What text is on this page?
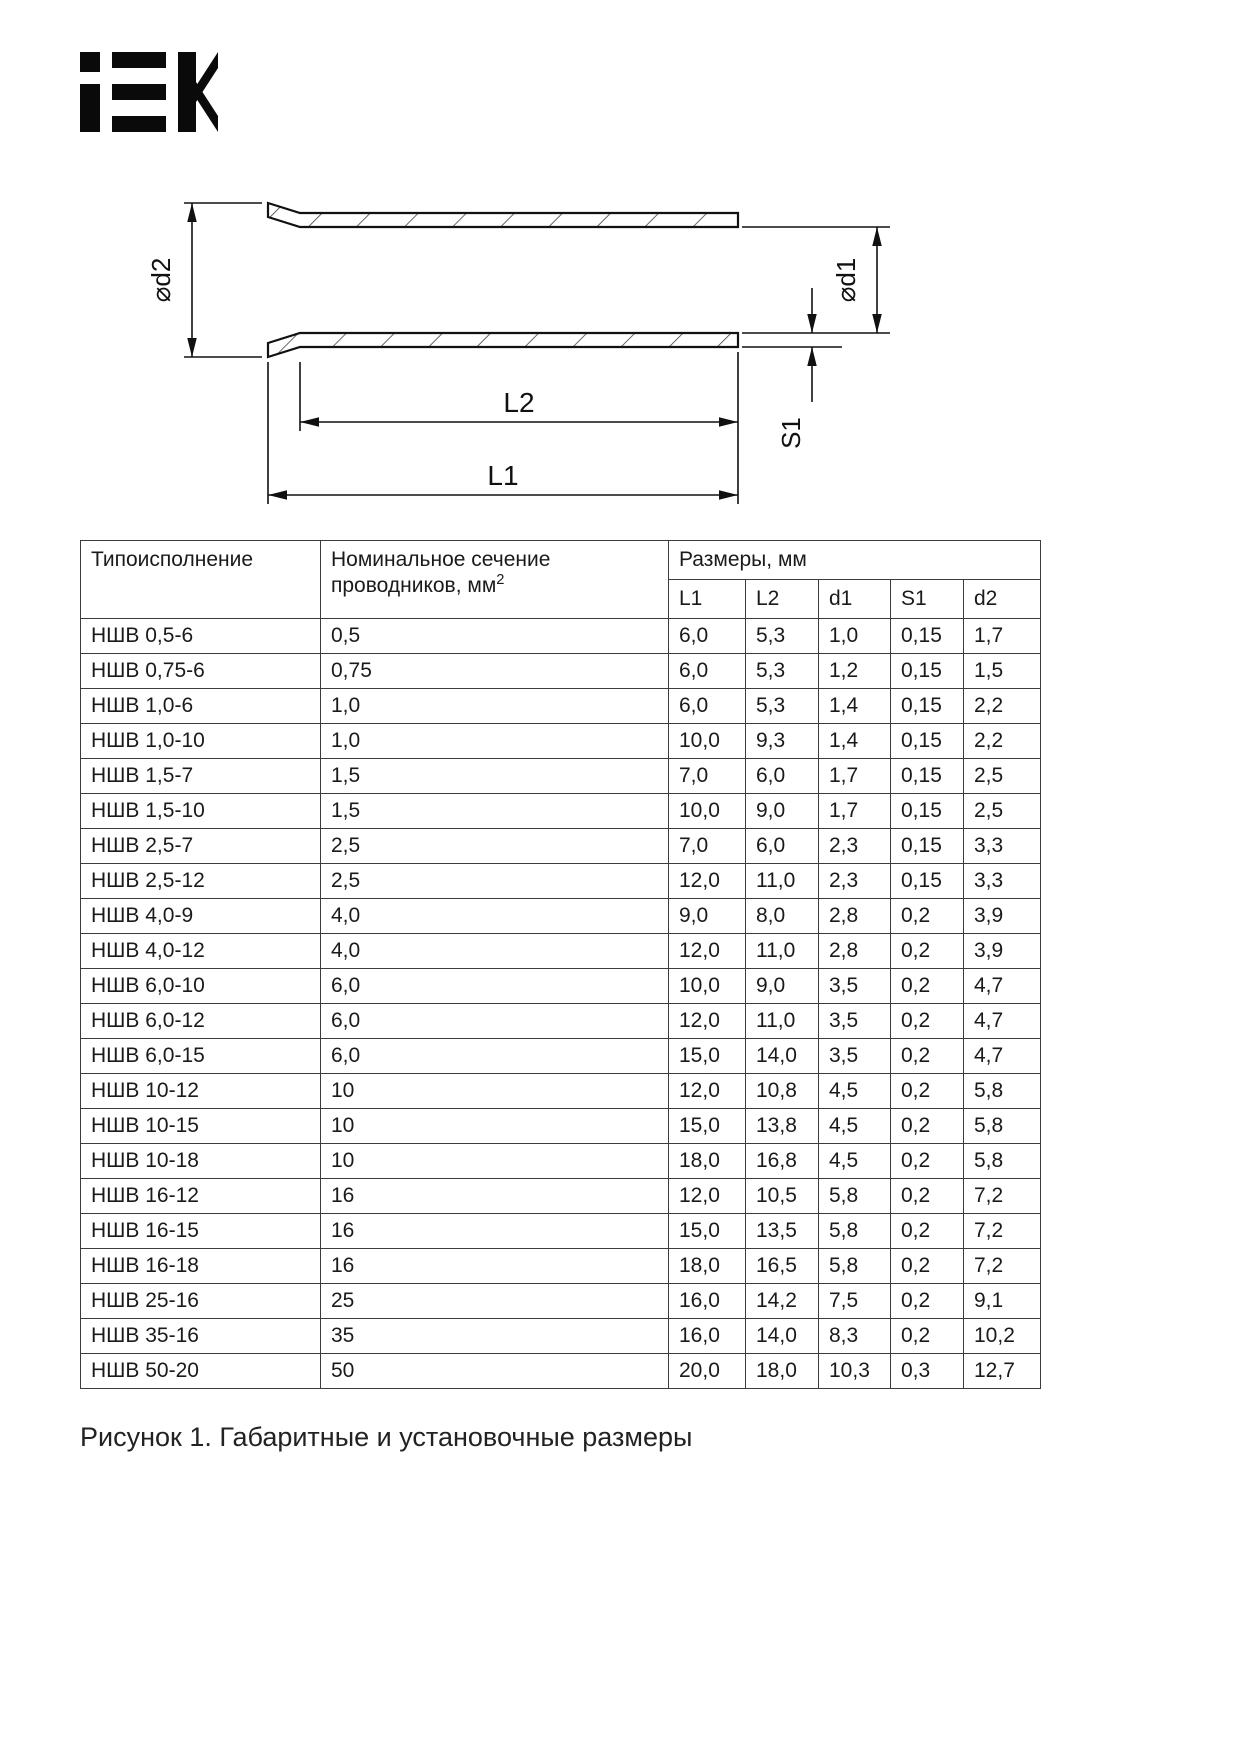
⌀d2	⌀d1
S1
L2
L1
Типоисполнение	Номинальное сечение проводников, $мм^2$	Размеры, мм				
		L1	L2	d1	S1	d2
НШВ 0,5-6	0,5	6,0	5,3	1,0	0,15	1,7
НШВ 0,75-6	0,75	6,0	5,3	1,2	0,15	1,5
НШВ 1,0-6	1,0	6,0	5,3	1,4	0,15	2,2
НШВ 1,0-10	1,0	10,0	9,3	1,4	0,15	2,2
НШВ 1,5-7	1,5	7,0	6,0	1,7	0,15	2,5
НШВ 1,5-10	1,5	10,0	9,0	1,7	0,15	2,5
НШВ 2,5-7	2,5	7,0	6,0	2,3	0,15	3,3
НШВ 2,5-12	2,5	12,0	11,0	2,3	0,15	3,3
НШВ 4,0-9	4,0	9,0	8,0	2,8	0,2	3,9
НШВ 4,0-12	4,0	12,0	11,0	2,8	0,2	3,9
НШВ 6,0-10	6,0	10,0	9,0	3,5	0,2	4,7
НШВ 6,0-12	6,0	12,0	11,0	3,5	0,2	4,7
НШВ 6,0-15	6,0	15,0	14,0	3,5	0,2	4,7
НШВ 10-12	10	12,0	10,8	4,5	0,2	5,8
НШВ 10-15	10	15,0	13,8	4,5	0,2	5,8
НШВ 10-18	10	18,0	16,8	4,5	0,2	5,8
НШВ 16-12	16	12,0	10,5	5,8	0,2	7,2
НШВ 16-15	16	15,0	13,5	5,8	0,2	7,2
НШВ 16-18	16	18,0	16,5	5,8	0,2	7,2
НШВ 25-16	25	16,0	14,2	7,5	0,2	9,1
НШВ 35-16	35	16,0	14,0	8,3	0,2	10,2
НШВ 50-20	50	20,0	18,0	10,3	0,3	12,7
Рисунок 1. Габаритные и установочные размеры
